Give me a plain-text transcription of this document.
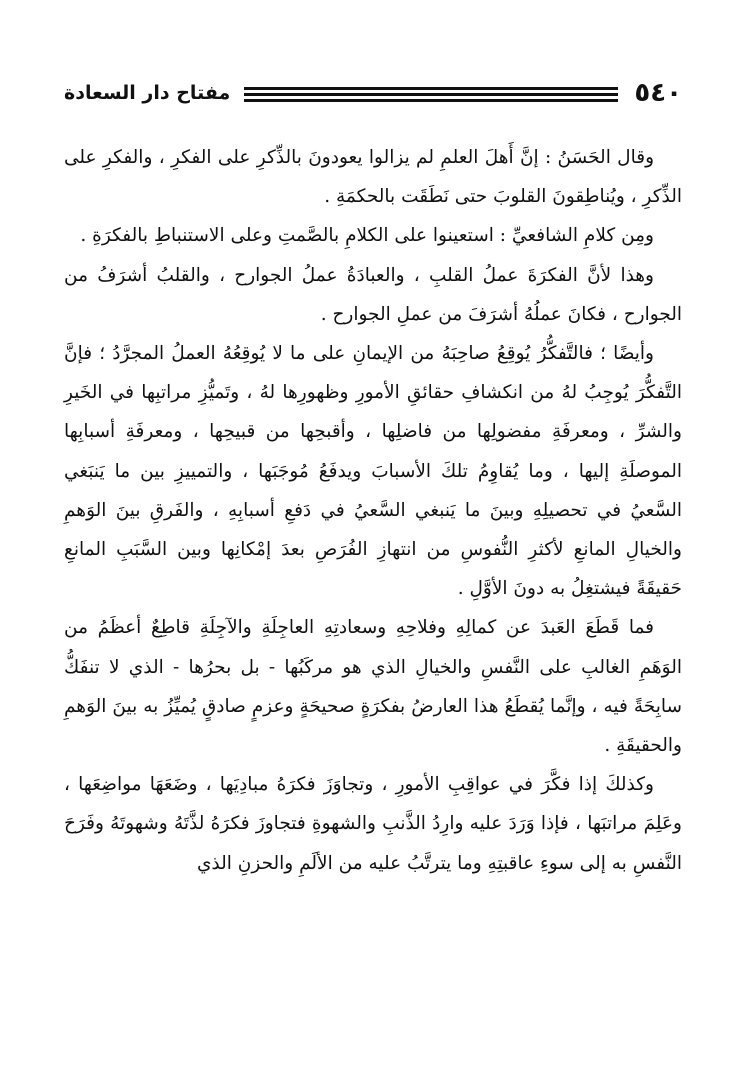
مفتاح دار السعادة	٥٤٠

وقال الحَسَنُ : إنَّ أَهلَ العلمِ لم يزالوا يعودونَ بالذِّكرِ على الفكرِ ، والفكرِ على الذِّكرِ ، ويُناطِقونَ القلوبَ حتى نَطَقَت بالحكمَةِ .

ومِن كلامِ الشافعيِّ : استعينوا على الكلامِ بالصَّمتِ وعلى الاستنباطِ بالفكرَةِ .

وهذا لأنَّ الفكرَةَ عملُ القلبِ ، والعبادَةُ عملُ الجوارح ، والقلبُ أشرَفُ من الجوارح ، فكانَ عملُهُ أشرَفَ من عملِ الجوارح .

وأيضًا ؛ فالتَّفكُّرُ يُوقِعُ صاحِبَهُ من الإيمانِ على ما لا يُوقِعُهُ العملُ المجرَّدُ ؛ فإنَّ التَّفكُّرَ يُوجِبُ لهُ من انكشافِ حقائقِ الأمورِ وظهورِها لهُ ، وتَميُّزِ مراتبِها في الخَيرِ والشرِّ ، ومعرفَةِ مفضولِها من فاضلِها ، وأقبحِها من قبيحِها ، ومعرفَةِ أسبابِها الموصلَةِ إليها ، وما يُقاوِمُ تلكَ الأسبابَ ويدفَعُ مُوجَبَها ، والتمييزِ بين ما يَنبَغي السَّعيُ في تحصيلِهِ وبينَ ما يَنبغي السَّعيُ في دَفعِ أسبابِهِ ، والفَرقِ بينَ الوَهمِ والخيالِ المانعِ لأكثرِ النُّفوسِ من انتهازِ الفُرَصِ بعدَ إمْكانِها وبين السَّبَبِ المانعِ حَقيقَةً فيشتغِلُ به دونَ الأوَّلِ .

فما قَطَعَ العَبدَ عن كمالِهِ وفلاحِهِ وسعادتِهِ العاجِلَةِ والآجِلَةِ قاطِعٌ أعظَمُ من الوَهَمِ الغالبِ على النَّفسِ والخيالِ الذي هو مركَبُها - بل بحرُها - الذي لا تنفَكُّ سابِحَةً فيه ، وإنَّما يُقطَعُ هذا العارضُ بفكرَةٍ صحيحَةٍ وعزمٍ صادقٍ يُميِّزُ به بينَ الوَهمِ والحقيقَةِ .

وكذلكَ إذا فكَّرَ في عواقِبِ الأمورِ ، وتجاوَزَ فكرَهُ مبادِيَها ، وضَعَهَا مواضِعَها ، وعَلِمَ مراتبَها ، فإذا وَرَدَ عليه وارِدُ الذَّنبِ والشهوةِ فتجاوزَ فكرَهُ لذَّتَهُ وشهوتَهُ وفَرَحَ النَّفسِ به إلى سوءِ عاقبتِهِ وما يترتَّبُ عليه من الألَمِ والحزنِ الذي
